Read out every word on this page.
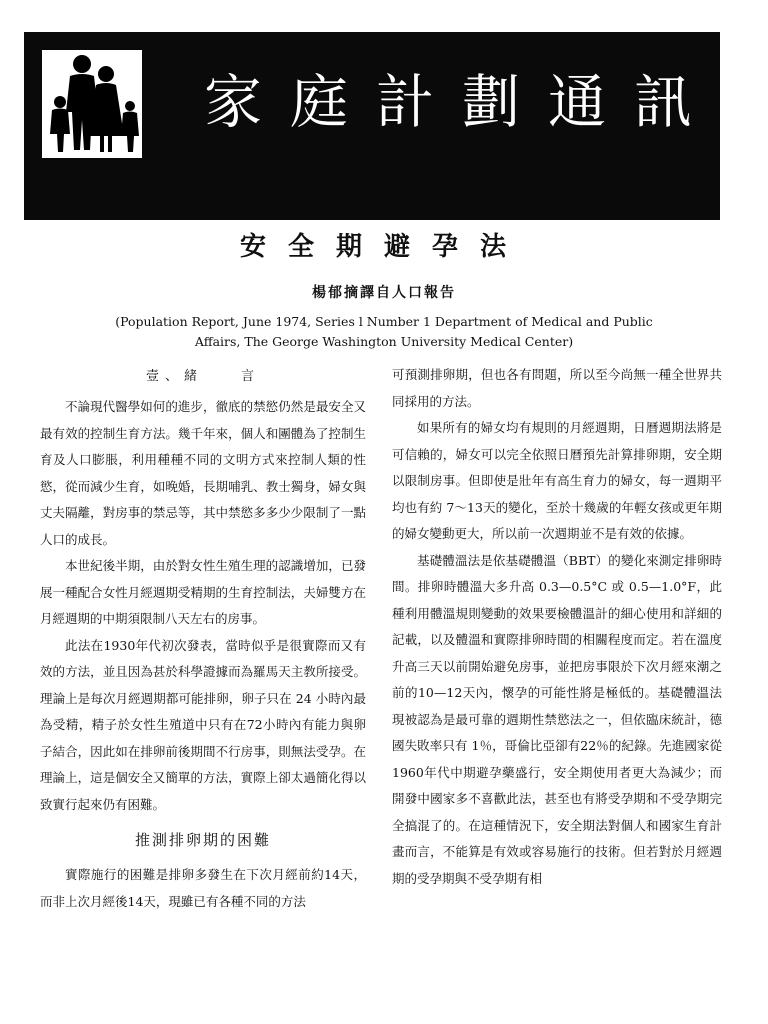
家庭計劃通訊
安全期避孕法
楊郁摘譯自人口報告
(Population Report, June 1974, Series l Number 1 Department of Medical and Public
Affairs, The George Washington University Medical Center)
壹、緒　　言

不論現代醫學如何的進步，徹底的禁慾仍然是最安全又最有效的控制生育方法。幾千年來，個人和團體為了控制生育及人口膨脹，利用種種不同的文明方式來控制人類的性慾，從而減少生育，如晚婚，長期哺乳、教士獨身，婦女與丈夫隔離，對房事的禁忌等，其中禁慾多多少少限制了一點人口的成長。

本世紀後半期，由於對女性生殖生理的認識增加，已發展一種配合女性月經週期受精期的生育控制法，夫婦雙方在月經週期的中期須限制八天左右的房事。

此法在1930年代初次發表，當時似乎是很實際而又有效的方法，並且因為甚於科學證據而為羅馬天主教所接受。理論上是每次月經週期都可能排卵，卵子只在 24 小時內最為受精，精子於女性生殖道中只有在72小時內有能力與卵子結合，因此如在排卵前後期間不行房事，則無法受孕。在理論上，這是個安全又簡單的方法，實際上卻太過簡化得以致實行起來仍有困難。

推測排卵期的困難

實際施行的困難是排卵多發生在下次月經前約14天，而非上次月經後14天，現雖已有各種不同的方法

可預測排卵期，但也各有問題，所以至今尚無一種全世界共同採用的方法。

如果所有的婦女均有規則的月經週期，日曆週期法將是可信賴的，婦女可以完全依照日曆預先計算排卵期，安全期以限制房事。但即使是壯年有高生育力的婦女，每一週期平均也有約 7～13天的變化，至於十幾歲的年輕女孩或更年期的婦女變動更大，所以前一次週期並不是有效的依據。

基礎體溫法是依基礎體溫（BBT）的變化來測定排卵時間。排卵時體溫大多升高 0.3—0.5°C 或 0.5—1.0°F，此種利用體溫規則變動的效果要檢體溫計的細心使用和詳細的記載，以及體溫和實際排卵時間的相關程度而定。若在溫度升高三天以前開始避免房事，並把房事限於下次月經來潮之前的10—12天內，懷孕的可能性將是極低的。基礎體溫法現被認為是最可靠的週期性禁慾法之一，但依臨床統計，德國失敗率只有 1％，哥倫比亞卻有22％的紀錄。先進國家從1960年代中期避孕藥盛行，安全期使用者更大為減少；而開發中國家多不喜歡此法，甚至也有將受孕期和不受孕期完全搞混了的。在這種情況下，安全期法對個人和國家生育計畫而言，不能算是有效或容易施行的技術。但若對於月經週期的受孕期與不受孕期有相
